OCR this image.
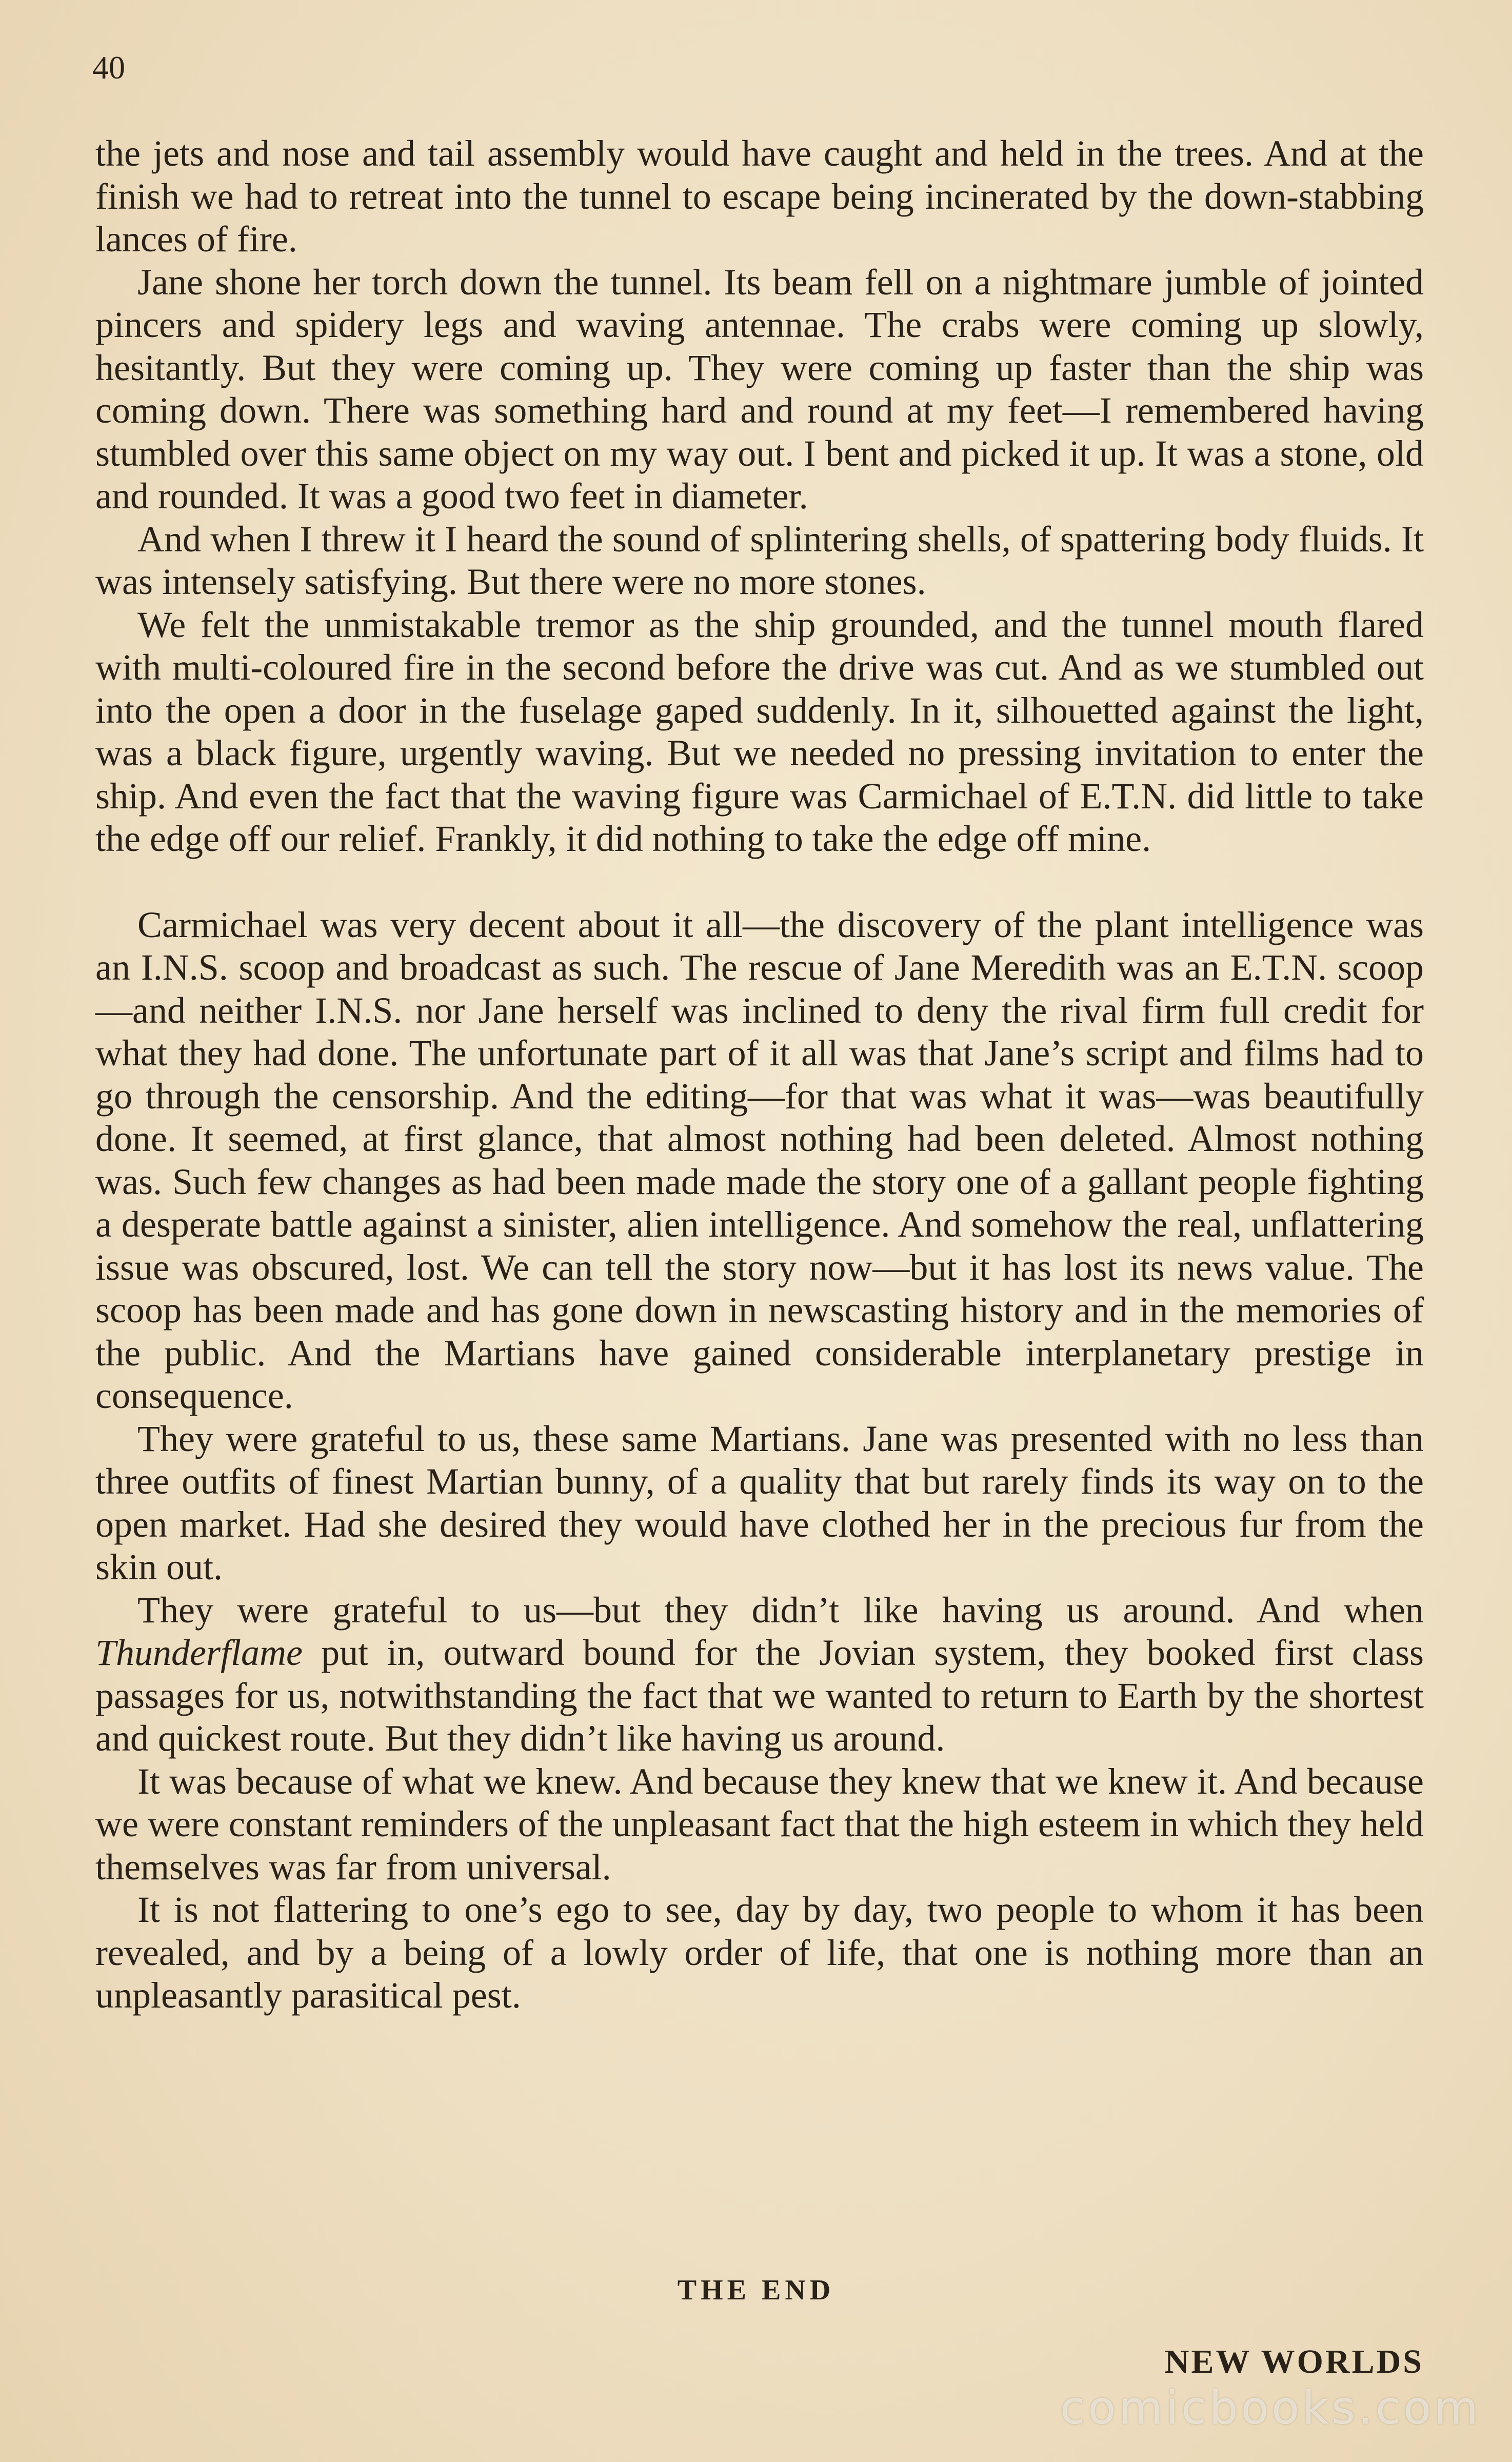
40

the jets and nose and tail assembly would have caught and held in the trees. And at the finish we had to retreat into the tunnel to escape being incinerated by the down-stabbing lances of fire.

Jane shone her torch down the tunnel. Its beam fell on a nightmare jumble of jointed pincers and spidery legs and waving antennae. The crabs were coming up slowly, hesitantly. But they were coming up. They were coming up faster than the ship was coming down. There was something hard and round at my feet—I remembered having stumbled over this same object on my way out. I bent and picked it up. It was a stone, old and rounded. It was a good two feet in diameter.

And when I threw it I heard the sound of splintering shells, of spattering body fluids. It was intensely satisfying. But there were no more stones.

We felt the unmistakable tremor as the ship grounded, and the tunnel mouth flared with multi-coloured fire in the second before the drive was cut. And as we stumbled out into the open a door in the fuselage gaped suddenly. In it, silhouetted against the light, was a black figure, urgently waving. But we needed no pressing invitation to enter the ship. And even the fact that the waving figure was Carmichael of E.T.N. did little to take the edge off our relief. Frankly, it did nothing to take the edge off mine.

Carmichael was very decent about it all—the discovery of the plant intelligence was an I.N.S. scoop and broadcast as such. The rescue of Jane Meredith was an E.T.N. scoop—and neither I.N.S. nor Jane herself was inclined to deny the rival firm full credit for what they had done. The unfortunate part of it all was that Jane’s script and films had to go through the censorship. And the editing—for that was what it was—was beautifully done. It seemed, at first glance, that almost nothing had been deleted. Almost nothing was. Such few changes as had been made made the story one of a gallant people fighting a desperate battle against a sinister, alien intelligence. And somehow the real, unflattering issue was obscured, lost. We can tell the story now—but it has lost its news value. The scoop has been made and has gone down in newscasting history and in the memories of the public. And the Martians have gained considerable interplanetary prestige in consequence.

They were grateful to us, these same Martians. Jane was presented with no less than three outfits of finest Martian bunny, of a quality that but rarely finds its way on to the open market. Had she desired they would have clothed her in the precious fur from the skin out.

They were grateful to us—but they didn’t like having us around. And when Thunderflame put in, outward bound for the Jovian system, they booked first class passages for us, notwithstanding the fact that we wanted to return to Earth by the shortest and quickest route. But they didn’t like having us around.

It was because of what we knew. And because they knew that we knew it. And because we were constant reminders of the unpleasant fact that the high esteem in which they held themselves was far from universal.

It is not flattering to one’s ego to see, day by day, two people to whom it has been revealed, and by a being of a lowly order of life, that one is nothing more than an unpleasantly parasitical pest.

THE END
NEW WORLDS
comicbooks.com
